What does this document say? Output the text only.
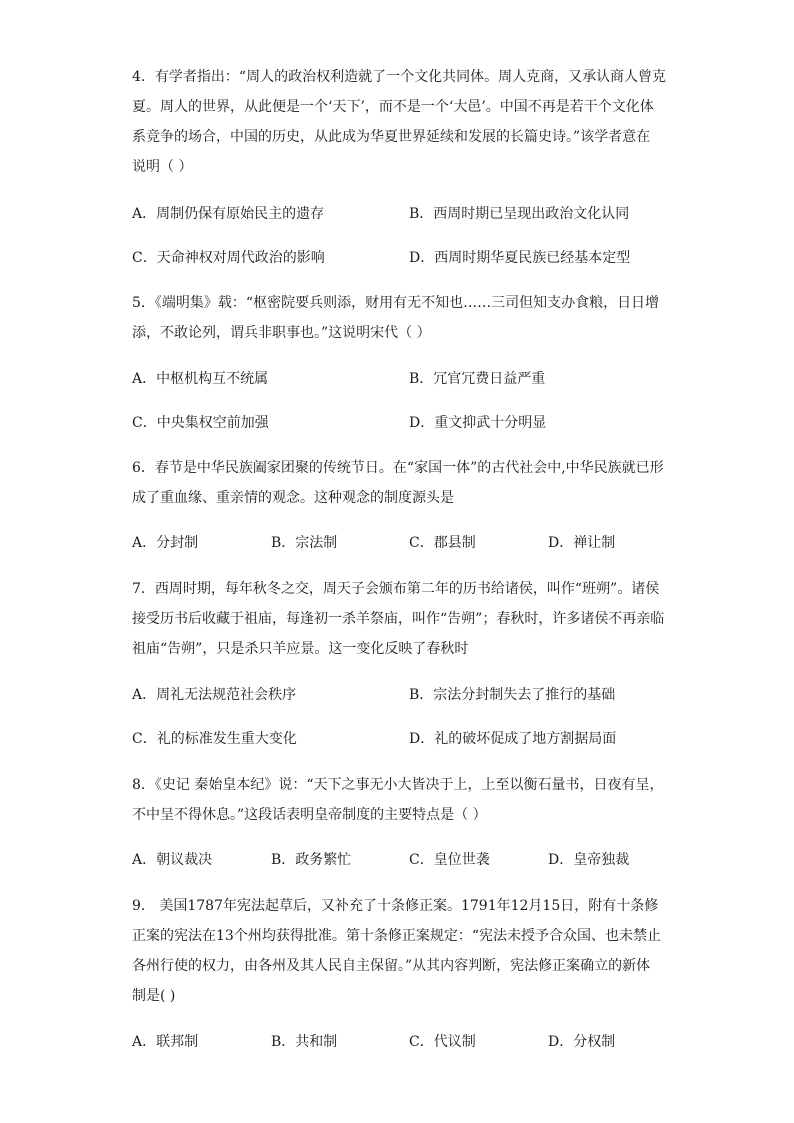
4．有学者指出：“周人的政治权利造就了一个文化共同体。周人克商，又承认商人曾克
夏。周人的世界，从此便是一个‘天下’，而不是一个‘大邑’。中国不再是若干个文化体
系竞争的场合，中国的历史，从此成为华夏世界延续和发展的长篇史诗。”该学者意在
说明（ ）
A．周制仍保有原始民主的遗存	B．西周时期已呈现出政治文化认同
C．天命神权对周代政治的影响	D．西周时期华夏民族已经基本定型
5．《端明集》载：“枢密院要兵则添，财用有无不知也……三司但知支办食粮，日日增
添，不敢论列，谓兵非职事也。”这说明宋代（ ）
A．中枢机构互不统属	B．冗官冗费日益严重
C．中央集权空前加强	D．重文抑武十分明显
6．春节是中华民族阖家团聚的传统节日。在“家国一体”的古代社会中,中华民族就已形
成了重血缘、重亲情的观念。这种观念的制度源头是
A．分封制	B．宗法制	C．郡县制	D．禅让制
7．西周时期，每年秋冬之交，周天子会颁布第二年的历书给诸侯，叫作“班朔”。诸侯
接受历书后收藏于祖庙，每逢初一杀羊祭庙，叫作“告朔”；春秋时，许多诸侯不再亲临
祖庙“告朔”，只是杀只羊应景。这一变化反映了春秋时
A．周礼无法规范社会秩序	B．宗法分封制失去了推行的基础
C．礼的标准发生重大变化	D．礼的破坏促成了地方割据局面
8．《史记 秦始皇本纪》说：“天下之事无小大皆决于上，上至以衡石量书，日夜有呈，
不中呈不得休息。”这段话表明皇帝制度的主要特点是（ ）
A．朝议裁决	B．政务繁忙	C．皇位世袭	D．皇帝独裁
9． 美国1787年宪法起草后，又补充了十条修正案。1791年12月15日，附有十条修
正案的宪法在13个州均获得批准。第十条修正案规定：“宪法未授予合众国、也未禁止
各州行使的权力，由各州及其人民自主保留。”从其内容判断，宪法修正案确立的新体
制是( )
A．联邦制	B．共和制	C．代议制	D．分权制
